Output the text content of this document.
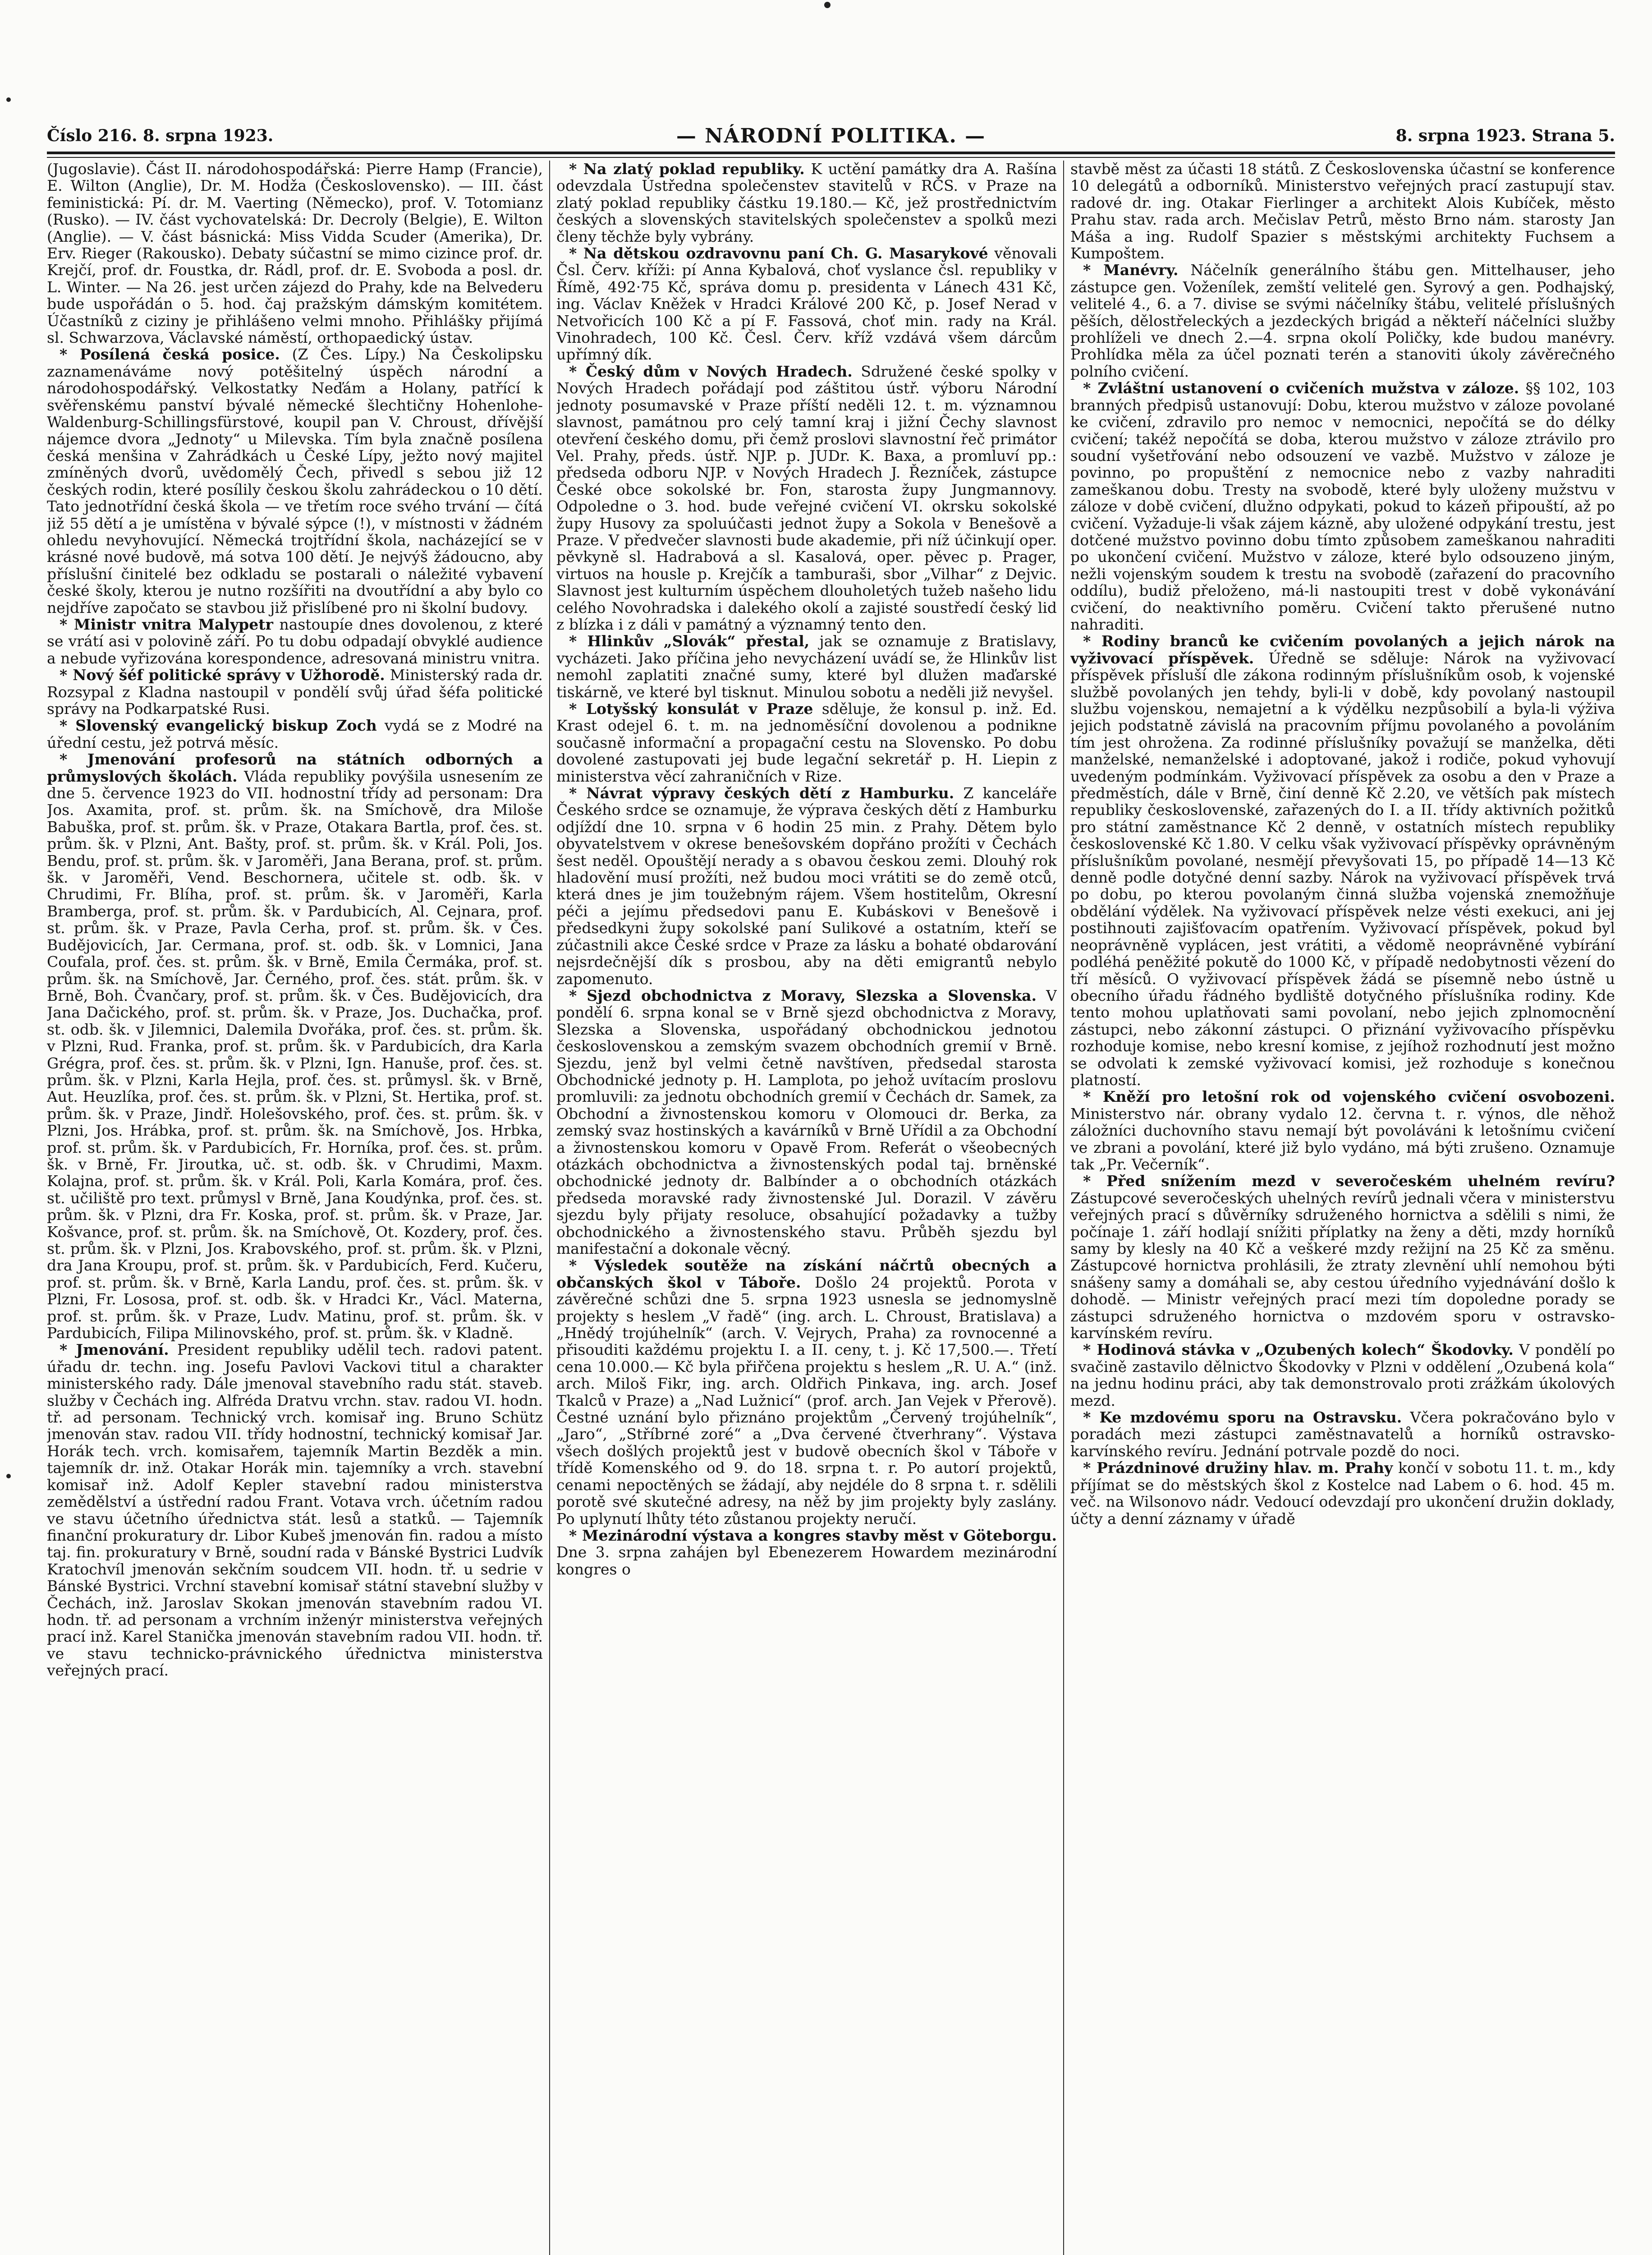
Číslo 216. 8. srpna 1923.	— NÁRODNÍ POLITIKA. —	8. srpna 1923. Strana 5.

(Jugoslavie). Část II. národohospodářská: Pierre Hamp (Francie), E. Wilton (Anglie), Dr. M. Hodža (Československo). — III. část feministická: Pí. dr. M. Vaerting (Německo), prof. V. Totomianz (Rusko). — IV. část vychovatelská: Dr. Decroly (Belgie), E. Wilton (Anglie). — V. část básnická: Miss Vidda Scuder (Amerika), Dr. Erv. Rieger (Rakousko). Debaty súčastní se mimo cizince prof. dr. Krejčí, prof. dr. Foustka, dr. Rádl, prof. dr. E. Svoboda a posl. dr. L. Winter. — Na 26. jest určen zájezd do Prahy, kde na Belvederu bude uspořádán o 5. hod. čaj pražským dámským komitétem. Účastníků z ciziny je přihlášeno velmi mnoho. Přihlášky přijímá sl. Schwarzova, Václavské náměstí, orthopaedický ústav.

* Posílená česká posice. (Z Čes. Lípy.) Na Českolipsku zaznamenáváme nový potěšitelný úspěch národní a národohospodářský. Velkostatky Neďám a Holany, patřící k svěřenskému panství bývalé německé šlechtičny Hohenlohe-Waldenburg-Schillingsfürstové, koupil pan V. Chroust, dřívější nájemce dvora „Jednoty“ u Milevska. Tím byla značně posílena česká menšina v Zahrádkách u České Lípy, ježto nový majitel zmíněných dvorů, uvědomělý Čech, přivedl s sebou již 12 českých rodin, které posílily českou školu zahrádeckou o 10 dětí. Tato jednotřídní česká škola — ve třetím roce svého trvání — čítá již 55 dětí a je umístěna v bývalé sýpce (!), v místnosti v žádném ohledu nevyhovující. Německá trojtřídní škola, nacházející se v krásné nové budově, má sotva 100 dětí. Je nejvýš žádoucno, aby příslušní činitelé bez odkladu se postarali o náležité vybavení české školy, kterou je nutno rozšířiti na dvoutřídní a aby bylo co nejdříve započato se stavbou již přislíbené pro ni školní budovy.

* Ministr vnitra Malypetr nastoupíe dnes dovolenou, z které se vrátí asi v polovině září. Po tu dobu odpadají obvyklé audience a nebude vyřizována korespondence, adresovaná ministru vnitra.

* Nový šéf politické správy v Užhorodě. Ministerský rada dr. Rozsypal z Kladna nastoupil v pondělí svůj úřad šéfa politické správy na Podkarpatské Rusi.

* Slovenský evangelický biskup Zoch vydá se z Modré na úřední cestu, jež potrvá měsíc.

* Jmenování profesorů na státních odborných a průmyslových školách. Vláda republiky povýšila usnesením ze dne 5. července 1923 do VII. hodnostní třídy ad personam: Dra Jos. Axamita, prof. st. prům. šk. na Smíchově, dra Miloše Babuška, prof. st. prům. šk. v Praze, Otakara Bartla, prof. čes. st. prům. šk. v Plzni, Ant. Bašty, prof. st. prům. šk. v Král. Poli, Jos. Bendu, prof. st. prům. šk. v Jaroměři, Jana Berana, prof. st. prům. šk. v Jaroměři, Vend. Beschornera, učitele st. odb. šk. v Chrudimi, Fr. Blíha, prof. st. prům. šk. v Jaroměři, Karla Bramberga, prof. st. prům. šk. v Pardubicích, Al. Cejnara, prof. st. prům. šk. v Praze, Pavla Cerha, prof. st. prům. šk. v Čes. Budějovicích, Jar. Cermana, prof. st. odb. šk. v Lomnici, Jana Coufala, prof. čes. st. prům. šk. v Brně, Emila Čermáka, prof. st. prům. šk. na Smíchově, Jar. Černého, prof. čes. stát. prům. šk. v Brně, Boh. Čvančary, prof. st. prům. šk. v Čes. Budějovicích, dra Jana Dačického, prof. st. prům. šk. v Praze, Jos. Duchačka, prof. st. odb. šk. v Jilemnici, Dalemila Dvořáka, prof. čes. st. prům. šk. v Plzni, Rud. Franka, prof. st. prům. šk. v Pardubicích, dra Karla Grégra, prof. čes. st. prům. šk. v Plzni, Ign. Hanuše, prof. čes. st. prům. šk. v Plzni, Karla Hejla, prof. čes. st. průmysl. šk. v Brně, Aut. Heuzlíka, prof. čes. st. prům. šk. v Plzni, St. Hertika, prof. st. prům. šk. v Praze, Jindř. Holešovského, prof. čes. st. prům. šk. v Plzni, Jos. Hrábka, prof. st. prům. šk. na Smíchově, Jos. Hrbka, prof. st. prům. šk. v Pardubicích, Fr. Horníka, prof. čes. st. prům. šk. v Brně, Fr. Jiroutka, uč. st. odb. šk. v Chrudimi, Maxm. Kolajna, prof. st. prům. šk. v Král. Poli, Karla Komára, prof. čes. st. učiliště pro text. průmysl v Brně, Jana Koudýnka, prof. čes. st. prům. šk. v Plzni, dra Fr. Koska, prof. st. prům. šk. v Praze, Jar. Košvance, prof. st. prům. šk. na Smíchově, Ot. Kozdery, prof. čes. st. prům. šk. v Plzni, Jos. Krabovského, prof. st. prům. šk. v Plzni, dra Jana Kroupu, prof. st. prům. šk. v Pardubicích, Ferd. Kučeru, prof. st. prům. šk. v Brně, Karla Landu, prof. čes. st. prům. šk. v Plzni, Fr. Lososa, prof. st. odb. šk. v Hradci Kr., Václ. Materna, prof. st. prům. šk. v Praze, Ludv. Matinu, prof. st. prům. šk. v Pardubicích, Filipa Milinovského, prof. st. prům. šk. v Kladně.

* Jmenování. President republiky udělil tech. radovi patent. úřadu dr. techn. ing. Josefu Pavlovi Vackovi titul a charakter ministerského rady. Dále jmenoval stavebního radu stát. staveb. služby v Čechách ing. Alfréda Dratvu vrchn. stav. radou VI. hodn. tř. ad personam. Technický vrch. komisař ing. Bruno Schütz jmenován stav. radou VII. třídy hodnostní, technický komisař Jar. Horák tech. vrch. komisařem, tajemník Martin Bezděk a min. tajemník dr. inž. Otakar Horák min. tajemníky a vrch. stavební komisař inž. Adolf Kepler stavební radou ministerstva zemědělství a ústřední radou Frant. Votava vrch. účetním radou ve stavu účetního úřednictva stát. lesů a statků. — Tajemník finanční prokuratury dr. Libor Kubeš jmenován fin. radou a místo taj. fin. prokuratury v Brně, soudní rada v Bánské Bystrici Ludvík Kratochvíl jmenován sekčním soudcem VII. hodn. tř. u sedrie v Bánské Bystrici. Vrchní stavební komisař státní stavební služby v Čechách, inž. Jaroslav Skokan jmenován stavebním radou VI. hodn. tř. ad personam a vrchním inženýr ministerstva veřejných prací inž. Karel Stanička jmenován stavebním radou VII. hodn. tř. ve stavu technicko-právnického úřednictva ministerstva veřejných prací.

* Na zlatý poklad republiky. K uctění památky dra A. Rašína odevzdala Ústředna společenstev stavitelů v RČS. v Praze na zlatý poklad republiky částku 19.180.— Kč, jež prostřednictvím českých a slovenských stavitelských společenstev a spolků mezi členy těchže byly vybrány.

* Na dětskou ozdravovnu paní Ch. G. Masarykové věnovali Čsl. Červ. kříži: pí Anna Kybalová, choť vyslance čsl. republiky v Římě, 492·75 Kč, správa domu p. presidenta v Lánech 431 Kč, ing. Václav Kněžek v Hradci Králové 200 Kč, p. Josef Nerad v Netvořicích 100 Kč a pí F. Fassová, choť min. rady na Král. Vinohradech, 100 Kč. Česl. Červ. kříž vzdává všem dárcům upřímný dík.

* Český dům v Nových Hradech. Sdružené české spolky v Nových Hradech pořádají pod záštitou ústř. výboru Národní jednoty posumavské v Praze příští neděli 12. t. m. významnou slavnost, památnou pro celý tamní kraj i jižní Čechy slavnost otevření českého domu, při čemž proslovi slavnostní řeč primátor Vel. Prahy, předs. ústř. NJP. p. JUDr. K. Baxa, a promluví pp.: předseda odboru NJP. v Nových Hradech J. Řezníček, zástupce České obce sokolské br. Fon, starosta župy Jungmannovy. Odpoledne o 3. hod. bude veřejné cvičení VI. okrsku sokolské župy Husovy za spoluúčasti jednot župy a Sokola v Benešově a Praze. V předvečer slavnosti bude akademie, při níž účinkují oper. pěvkyně sl. Hadrabová a sl. Kasalová, oper. pěvec p. Prager, virtuos na housle p. Krejčík a tamburaši, sbor „Vilhar“ z Dejvic. Slavnost jest kulturním úspěchem dlouholetých tužeb našeho lidu celého Novohradska i dalekého okolí a zajisté soustředí český lid z blízka i z dáli v památný a významný tento den.

* Hlinkův „Slovák“ přestal, jak se oznamuje z Bratislavy, vycházeti. Jako příčina jeho nevycházení uvádí se, že Hlinkův list nemohl zaplatiti značné sumy, které byl dlužen maďarské tiskárně, ve které byl tisknut. Minulou sobotu a neděli již nevyšel.

* Lotyšský konsulát v Praze sděluje, že konsul p. inž. Ed. Krast odejel 6. t. m. na jednoměsíční dovolenou a podnikne současně informační a propagační cestu na Slovensko. Po dobu dovolené zastupovati jej bude legační sekretář p. H. Liepin z ministerstva věcí zahraničních v Rize.

* Návrat výpravy českých dětí z Hamburku. Z kanceláře Českého srdce se oznamuje, že výprava českých dětí z Hamburku odjíždí dne 10. srpna v 6 hodin 25 min. z Prahy. Dětem bylo obyvatelstvem v okrese benešovském dopřáno prožíti v Čechách šest neděl. Opouštějí nerady a s obavou českou zemi. Dlouhý rok hladovění musí prožíti, než budou moci vrátiti se do země otců, která dnes je jim toužebným rájem. Všem hostitelům, Okresní péči a jejímu předsedovi panu E. Kubáskovi v Benešově i předsedkyni župy sokolské paní Sulikové a ostatním, kteří se zúčastnili akce České srdce v Praze za lásku a bohaté obdarování nejsrdečnější dík s prosbou, aby na děti emigrantů nebylo zapomenuto.

* Sjezd obchodnictva z Moravy, Slezska a Slovenska. V pondělí 6. srpna konal se v Brně sjezd obchodnictva z Moravy, Slezska a Slovenska, uspořádaný obchodnickou jednotou československou a zemským svazem obchodních gremií v Brně. Sjezdu, jenž byl velmi četně navštíven, předsedal starosta Obchodnické jednoty p. H. Lamplota, po jehož uvítacím proslovu promluvili: za jednotu obchodních gremií v Čechách dr. Samek, za Obchodní a živnostenskou komoru v Olomouci dr. Berka, za zemský svaz hostinských a kavárníků v Brně Uřídil a za Obchodní a živnostenskou komoru v Opavě From. Referát o všeobecných otázkách obchodnictva a živnostenských podal taj. brněnské obchodnické jednoty dr. Balbínder a o obchodních otázkách předseda moravské rady živnostenské Jul. Dorazil. V závěru sjezdu byly přijaty resoluce, obsahující požadavky a tužby obchodnického a živnostenského stavu. Průběh sjezdu byl manifestační a dokonale věcný.

* Výsledek soutěže na získání náčrtů obecných a občanských škol v Táboře. Došlo 24 projektů. Porota v závěrečné schůzi dne 5. srpna 1923 usnesla se jednomyslně projekty s heslem „V řadě“ (ing. arch. L. Chroust, Bratislava) a „Hnědý trojúhelník“ (arch. V. Vejrych, Praha) za rovnocenné a přisouditi každému projektu I. a II. ceny, t. j. Kč 17,500.—. Třetí cena 10.000.— Kč byla přiřčena projektu s heslem „R. U. A.“ (inž. arch. Miloš Fikr, ing. arch. Oldřich Pinkava, ing. arch. Josef Tkalců v Praze) a „Nad Lužnicí“ (prof. arch. Jan Vejek v Přerově). Čestné uznání bylo přiznáno projektům „Červený trojúhelník“, „Jaro“, „Stříbrné zoré“ a „Dva červené čtverhrany“. Výstava všech došlých projektů jest v budově obecních škol v Táboře v třídě Komenského od 9. do 18. srpna t. r. Po autorí projektů, cenami nepoctěných se žádají, aby nejdéle do 8 srpna t. r. sdělili porotě své skutečné adresy, na něž by jim projekty byly zaslány. Po uplynutí lhůty této zůstanou projekty neručí.

* Mezinárodní výstava a kongres stavby měst v Göteborgu. Dne 3. srpna zahájen byl Ebenezerem Howardem mezinárodní kongres o

stavbě měst za účasti 18 států. Z Československa účastní se konference 10 delegátů a odborníků. Ministerstvo veřejných prací zastupují stav. radové dr. ing. Otakar Fierlinger a architekt Alois Kubíček, město Prahu stav. rada arch. Mečislav Petrů, město Brno nám. starosty Jan Máša a ing. Rudolf Spazier s městskými architekty Fuchsem a Kumpoštem.

* Manévry. Náčelník generálního štábu gen. Mittelhauser, jeho zástupce gen. Voženílek, zemští velitelé gen. Syrový a gen. Podhajský, velitelé 4., 6. a 7. divise se svými náčelníky štábu, velitelé příslušných pěších, dělostřeleckých a jezdeckých brigád a někteří náčelníci služby prohlíželi ve dnech 2.—4. srpna okolí Poličky, kde budou manévry. Prohlídka měla za účel poznati terén a stanoviti úkoly závěrečného polního cvičení.

* Zvláštní ustanovení o cvičeních mužstva v záloze. §§ 102, 103 branných předpisů ustanovují: Dobu, kterou mužstvo v záloze povolané ke cvičení, zdravilo pro nemoc v nemocnici, nepočítá se do délky cvičení; takéž nepočítá se doba, kterou mužstvo v záloze ztrávilo pro soudní vyšetřování nebo odsouzení ve vazbě. Mužstvo v záloze je povinno, po propuštění z nemocnice nebo z vazby nahraditi zameškanou dobu. Tresty na svobodě, které byly uloženy mužstvu v záloze v době cvičení, dlužno odpykati, pokud to kázeň připouští, až po cvičení. Vyžaduje-li však zájem kázně, aby uložené odpykání trestu, jest dotčené mužstvo povinno dobu tímto způsobem zameškanou nahraditi po ukončení cvičení. Mužstvo v záloze, které bylo odsouzeno jiným, nežli vojenským soudem k trestu na svobodě (zařazení do pracovního oddílu), budiž přeloženo, má-li nastoupiti trest v době vykonávání cvičení, do neaktivního poměru. Cvičení takto přerušené nutno nahraditi.

* Rodiny branců ke cvičením povolaných a jejich nárok na vyživovací příspěvek. Úředně se sděluje: Nárok na vyživovací příspěvek přísluší dle zákona rodinným příslušníkům osob, k vojenské službě povolaných jen tehdy, byli-li v době, kdy povolaný nastoupil službu vojenskou, nemajetní a k výdělku nezpůsobilí a byla-li výživa jejich podstatně závislá na pracovním příjmu povolaného a povoláním tím jest ohrožena. Za rodinné příslušníky považují se manželka, děti manželské, nemanželské i adoptované, jakož i rodiče, pokud vyhovují uvedeným podmínkám. Vyživovací příspěvek za osobu a den v Praze a předměstích, dále v Brně, činí denně Kč 2.20, ve větších pak místech republiky československé, zařazených do I. a II. třídy aktivních požitků pro státní zaměstnance Kč 2 denně, v ostatních místech republiky československé Kč 1.80. V celku však vyživovací příspěvky oprávněným příslušníkům povolané, nesmějí převyšovati 15, po případě 14—13 Kč denně podle dotyčné denní sazby. Nárok na vyživovací příspěvek trvá po dobu, po kterou povolaným činná služba vojenská znemožňuje obdělání výdělek. Na vyživovací příspěvek nelze vésti exekuci, ani jej postihnouti zajišťovacím opatřením. Vyživovací příspěvek, pokud byl neoprávněně vyplácen, jest vrátiti, a vědomě neoprávněné vybírání podléhá peněžité pokutě do 1000 Kč, v případě nedobytnosti vězení do tří měsíců. O vyživovací příspěvek žádá se písemně nebo ústně u obecního úřadu řádného bydliště dotyčného příslušníka rodiny. Kde tento mohou uplatňovati sami povolaní, nebo jejich zplnomocnění zástupci, nebo zákonní zástupci. O přiznání vyživovacího příspěvku rozhoduje komise, nebo kresní komise, z jejíhož rozhodnutí jest možno se odvolati k zemské vyživovací komisi, jež rozhoduje s konečnou platností.

* Kněží pro letošní rok od vojenského cvičení osvobozeni. Ministerstvo nár. obrany vydalo 12. června t. r. výnos, dle něhož záložníci duchovního stavu nemají být povoláváni k letošnímu cvičení ve zbrani a povolání, které již bylo vydáno, má býti zrušeno. Oznamuje tak „Pr. Večerník“.

* Před snížením mezd v severočeském uhelném revíru? Zástupcové severočeských uhelných revírů jednali včera v ministerstvu veřejných prací s důvěrníky sdruženého hornictva a sdělili s nimi, že počínaje 1. září hodlají snížiti příplatky na ženy a děti, mzdy horníků samy by klesly na 40 Kč a veškeré mzdy režijní na 25 Kč za směnu. Zástupcové hornictva prohlásili, že ztraty zlevnění uhlí nemohou býti snášeny samy a domáhali se, aby cestou úředního vyjednávání došlo k dohodě. — Ministr veřejných prací mezi tím dopoledne porady se zástupci sdruženého hornictva o mzdovém sporu v ostravsko-karvínském revíru.

* Hodinová stávka v „Ozubených kolech“ Škodovky. V pondělí po svačině zastavilo dělnictvo Škodovky v Plzni v oddělení „Ozubená kola“ na jednu hodinu práci, aby tak demonstrovalo proti zrážkám úkolových mezd.

* Ke mzdovému sporu na Ostravsku. Včera pokračováno bylo v poradách mezi zástupci zaměstnavatelů a horníků ostravsko-karvínského revíru. Jednání potrvale pozdě do noci.

* Prázdninové družiny hlav. m. Prahy končí v sobotu 11. t. m., kdy příjímat se do městských škol z Kostelce nad Labem o 6. hod. 45 m. več. na Wilsonovo nádr. Vedoucí odevzdají pro ukončení družin doklady, účty a denní záznamy v úřadě
